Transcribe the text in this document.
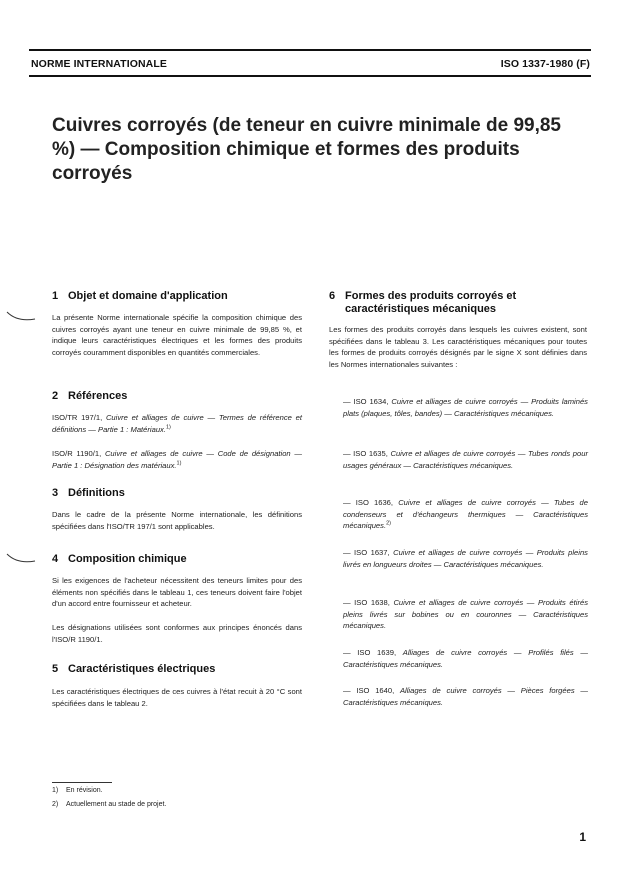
NORME INTERNATIONALE	ISO 1337-1980 (F)
Cuivres corroyés (de teneur en cuivre minimale de 99,85 %) — Composition chimique et formes des produits corroyés
1 Objet et domaine d'application
La présente Norme internationale spécifie la composition chimique des cuivres corroyés ayant une teneur en cuivre minimale de 99,85 %, et indique leurs caractéristiques électriques et les formes des produits corroyés couramment disponibles en quantités commerciales.
2 Références
ISO/TR 197/1, Cuivre et alliages de cuivre — Termes de référence et définitions — Partie 1 : Matériaux.$^{1)}$
ISO/R 1190/1, Cuivre et alliages de cuivre — Code de désignation — Partie 1 : Désignation des matériaux.$^{1)}$
3 Définitions
Dans le cadre de la présente Norme internationale, les définitions spécifiées dans l'ISO/TR 197/1 sont applicables.
4 Composition chimique
Si les exigences de l'acheteur nécessitent des teneurs limites pour des éléments non spécifiés dans le tableau 1, ces teneurs doivent faire l'objet d'un accord entre fournisseur et acheteur.
Les désignations utilisées sont conformes aux principes énoncés dans l'ISO/R 1190/1.
5 Caractéristiques électriques
Les caractéristiques électriques de ces cuivres à l'état recuit à 20 °C sont spécifiées dans le tableau 2.
6 Formes des produits corroyés et
caractéristiques mécaniques
Les formes des produits corroyés dans lesquels les cuivres existent, sont spécifiées dans le tableau 3. Les caractéristiques mécaniques pour toutes les formes de produits corroyés désignés par le signe X sont définies dans les Normes internationales suivantes :
— ISO 1634, Cuivre et alliages de cuivre corroyés — Produits laminés plats (plaques, tôles, bandes) — Caractéristiques mécaniques.
— ISO 1635, Cuivre et alliages de cuivre corroyés — Tubes ronds pour usages généraux — Caractéristiques mécaniques.
— ISO 1636, Cuivre et alliages de cuivre corroyés — Tubes de condenseurs et d'échangeurs thermiques — Caractéristiques mécaniques.$^{2)}$
— ISO 1637, Cuivre et alliages de cuivre corroyés — Produits pleins livrés en longueurs droites — Caractéristiques mécaniques.
— ISO 1638, Cuivre et alliages de cuivre corroyés — Produits étirés pleins livrés sur bobines ou en couronnes — Caractéristiques mécaniques.
— ISO 1639, Alliages de cuivre corroyés — Profilés filés — Caractéristiques mécaniques.
— ISO 1640, Alliages de cuivre corroyés — Pièces forgées — Caractéristiques mécaniques.
1) En révision.
2) Actuellement au stade de projet.
1
